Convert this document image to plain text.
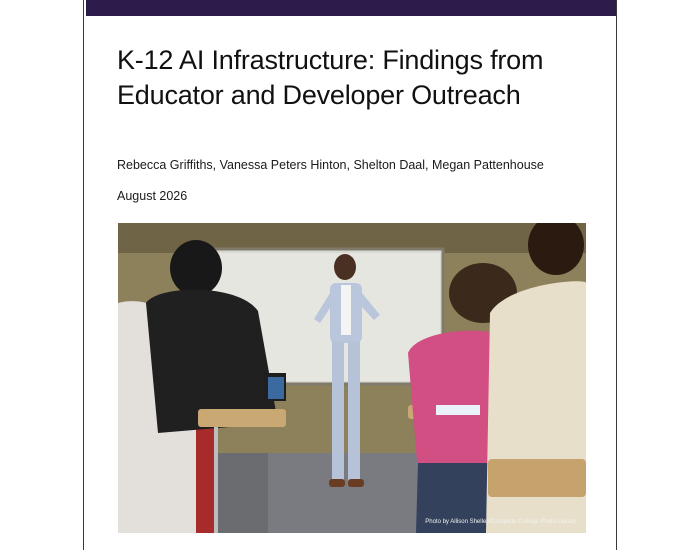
K-12 AI Infrastructure: Findings from Educator and Developer Outreach
Rebecca Griffiths, Vanessa Peters Hinton, Shelton Daal, Megan Pattenhouse
August 2026
Photo by Allison Shelley/Complete College Photo Library
